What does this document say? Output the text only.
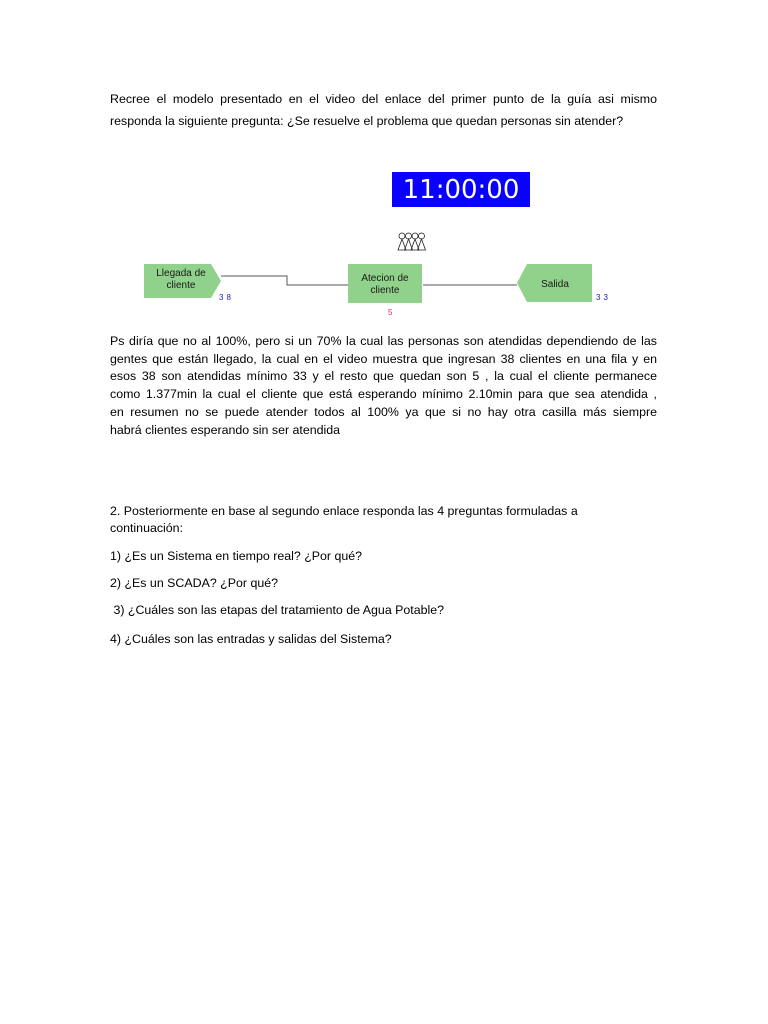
Recree el modelo presentado en el video del enlace del primer punto de la guía asi mismo
responda la siguiente pregunta: ¿Se resuelve el problema que quedan personas sin atender?
11:00:00
Llegada de
cliente
38
Atecion de
cliente
5
Salida
33
Ps diría que no al 100%, pero si un 70% la cual las personas son atendidas dependiendo de las
gentes que están llegado, la cual en el video muestra que ingresan 38 clientes en una fila y en
esos 38 son atendidas mínimo 33 y el resto que quedan son 5 , la cual el cliente permanece
como 1.377min la cual el cliente que está esperando mínimo 2.10min para que sea atendida ,
en resumen no se puede atender todos al 100% ya que si no hay otra casilla más siempre
habrá clientes esperando sin ser atendida
2. Posteriormente en base al segundo enlace responda las 4 preguntas formuladas a
continuación:
1) ¿Es un Sistema en tiempo real? ¿Por qué?
2) ¿Es un SCADA? ¿Por qué?
3) ¿Cuáles son las etapas del tratamiento de Agua Potable?
4) ¿Cuáles son las entradas y salidas del Sistema?
